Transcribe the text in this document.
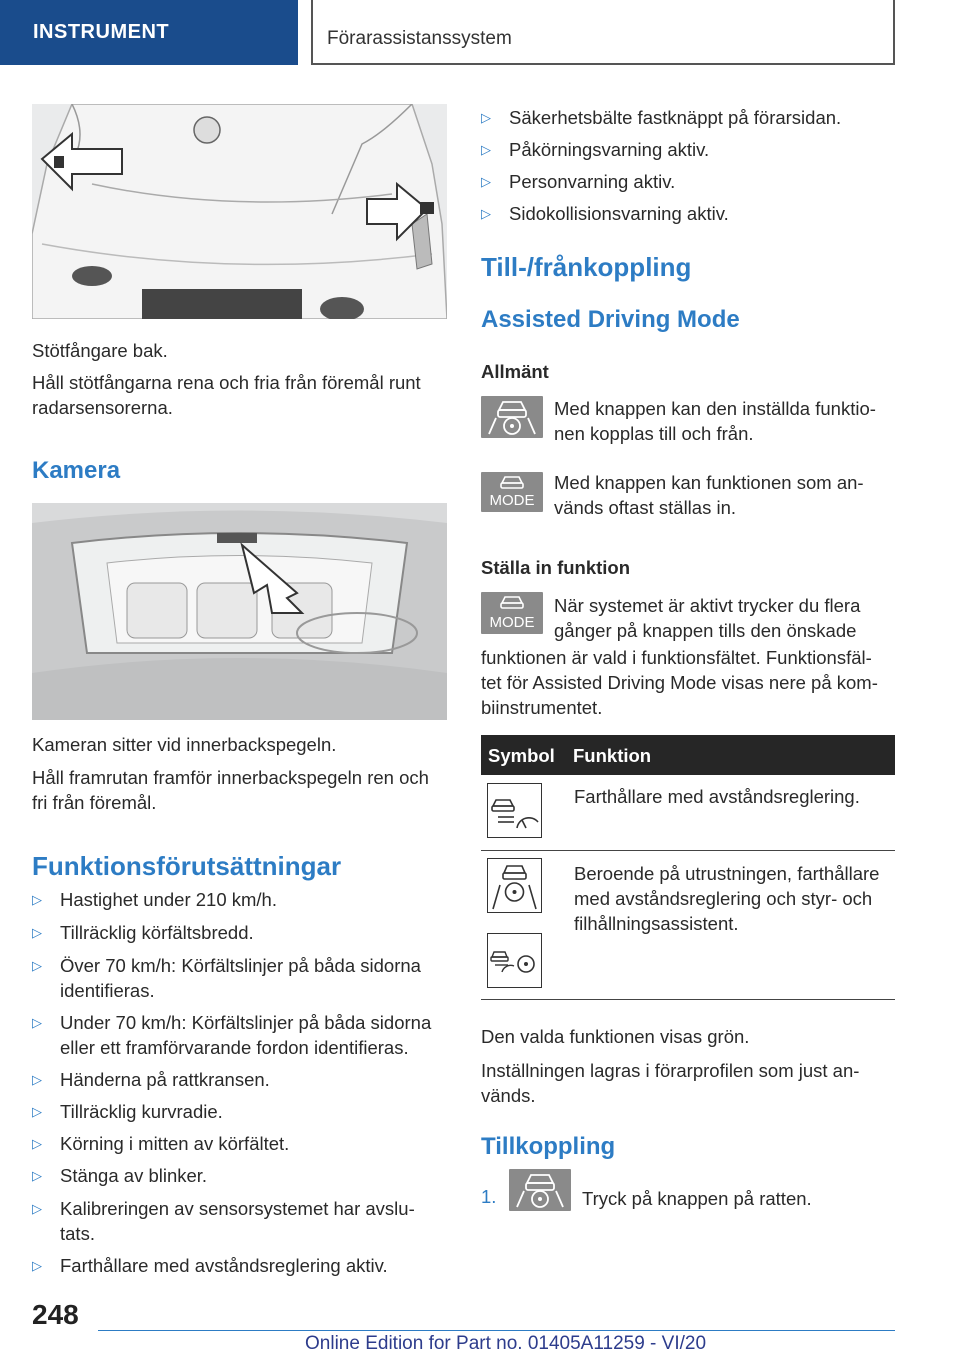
INSTRUMENT	Förarassistanssystem
Stötfångare bak.
Håll stötfångarna rena och fria från föremål runt
radarsensorerna.
Kamera
Kameran sitter vid innerbackspegeln.
Håll framrutan framför innerbackspegeln ren och
fri från föremål.
Funktionsförutsättningar
▷ Hastighet under 210 km/h.
▷ Tillräcklig körfältsbredd.
▷ Över 70 km/h: Körfältslinjer på båda sidorna
identifieras.
▷ Under 70 km/h: Körfältslinjer på båda sidorna
eller ett framförvarande fordon identifieras.
▷ Händerna på rattkransen.
▷ Tillräcklig kurvradie.
▷ Körning i mitten av körfältet.
▷ Stänga av blinker.
▷ Kalibreringen av sensorsystemet har avslu-
tats.
▷ Farthållare med avståndsreglering aktiv.
▷ Säkerhetsbälte fastknäppt på förarsidan.
▷ Påkörningsvarning aktiv.
▷ Personvarning aktiv.
▷ Sidokollisionsvarning aktiv.
Till-/frånkoppling
Assisted Driving Mode
Allmänt
Med knappen kan den inställda funktio-
nen kopplas till och från.
MODE
Med knappen kan funktionen som an-
vänds oftast ställas in.
Ställa in funktion
MODE
När systemet är aktivt trycker du flera
gånger på knappen tills den önskade
funktionen är vald i funktionsfältet. Funktionsfäl-
tet för Assisted Driving Mode visas nere på kom-
biinstrumentet.
Symbol Funktion
Farthållare med avståndsreglering.
Beroende på utrustningen, farthållare
med avståndsreglering och styr- och
filhållningsassistent.
Den valda funktionen visas grön.
Inställningen lagras i förarprofilen som just an-
vänds.
Tillkoppling
1.	Tryck på knappen på ratten.
248
Online Edition for Part no. 01405A11259 - VI/20
